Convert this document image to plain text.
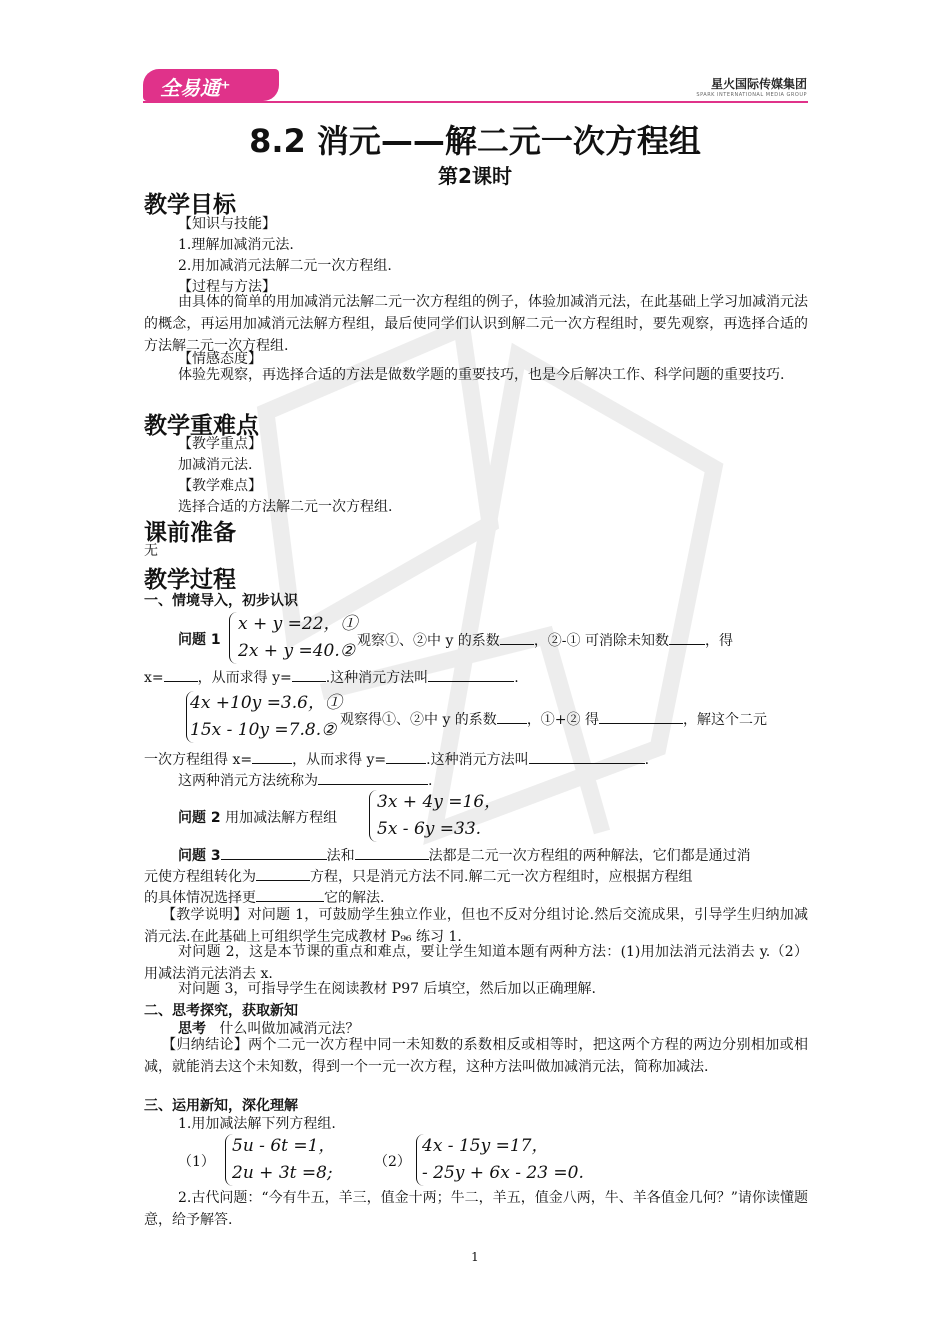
全易通⁺	星火国际传媒集团
SPARK INTERNATIONAL MEDIA GROUP
8.2 消元——解二元一次方程组
第2课时
教学目标
【知识与技能】
1.理解加减消元法.
2.用加减消元法解二元一次方程组.
【过程与方法】
由具体的简单的用加减消元法解二元一次方程组的例子，体验加减消元法，在此基础上学习加减消元法的概念，再运用加减消元法解方程组，最后使同学们认识到解二元一次方程组时，要先观察，再选择合适的方法解二元一次方程组.
【情感态度】
体验先观察，再选择合适的方法是做数学题的重要技巧，也是今后解决工作、科学问题的重要技巧.
教学重难点
【教学重点】
加减消元法.
【教学难点】
选择合适的方法解二元一次方程组.
课前准备
无
教学过程
一、情境导入，初步认识
问题 1
x + y =22，①
2x + y =40.② 观察①、②中 y 的系数 ，②-① 可消除未知数	，得
x= ，从而求得 y= .这种消元方法叫	.
4x +10y =3.6，①
15x - 10y =7.8.② 观察得①、②中 y 的系数 ，①+② 得	，解这个二元
一次方程组得 x=	，从而求得 y=	.这种消元方法叫	.
这两种消元方法统称为	.
问题 2 用加减法解方程组
3x + 4y =16，
5x - 6y =33.
问题 3	法和	法都是二元一次方程组的两种解法，它们都是通过消
元使方程组转化为	方程，只是消元方法不同.解二元一次方程组时，应根据方程组
的具体情况选择更	它的解法.
【教学说明】对问题 1，可鼓励学生独立作业，但也不反对分组讨论.然后交流成果，引导学生归纳加减消元法.在此基础上可组织学生完成教材 P₉₆ 练习 1.
对问题 2，这是本节课的重点和难点，要让学生知道本题有两种方法：(1)用加法消元法消去 y.（2）用减法消元法消去 x.
对问题 3，可指导学生在阅读教材 P97 后填空，然后加以正确理解.
二、思考探究，获取新知
思考 什么叫做加减消元法？
【归纳结论】两个二元一次方程中同一未知数的系数相反或相等时，把这两个方程的两边分别相加或相减，就能消去这个未知数，得到一个一元一次方程，这种方法叫做加减消元法，简称加减法.
三、运用新知，深化理解
1.用加减法解下列方程组.
（1）
5u - 6t =1，
2u + 3t =8;
（2）
4x - 15y =17，
- 25y + 6x - 23 =0.
2.古代问题：“今有牛五，羊三，值金十两；牛二，羊五，值金八两，牛、羊各值金几何？”请你读懂题意，给予解答.
1
